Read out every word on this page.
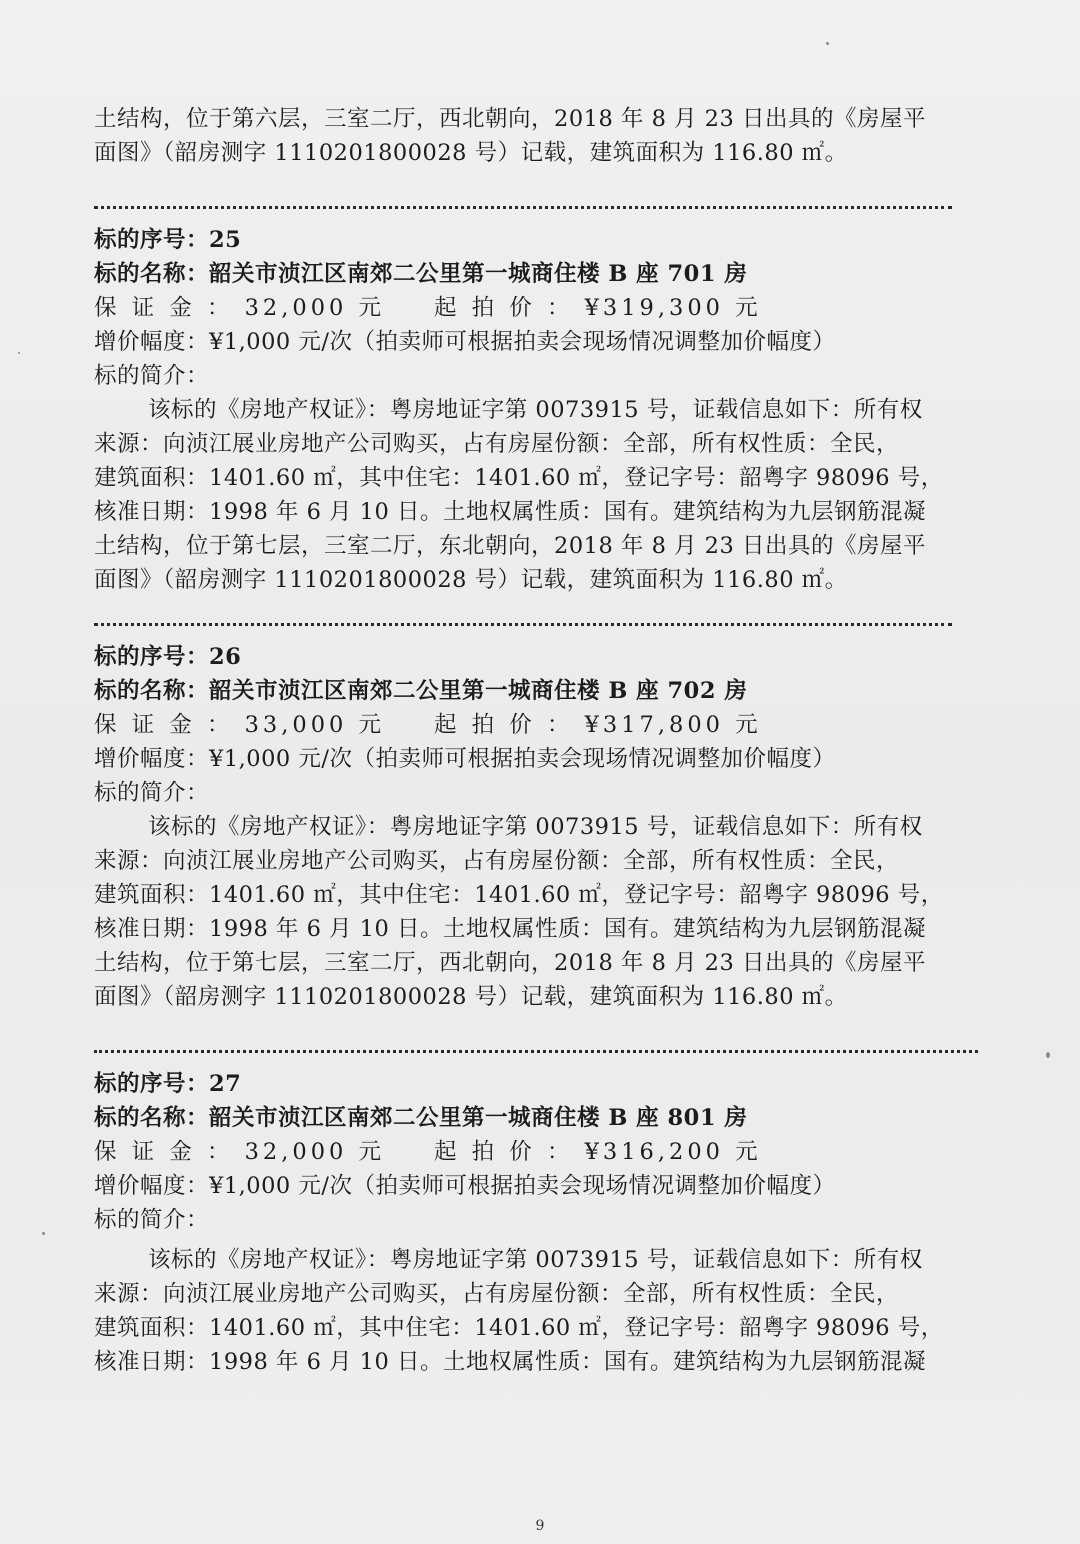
土结构，位于第六层，三室二厅，西北朝向，2018 年 8 月 23 日出具的《房屋平
面图》（韶房测字 1110201800028 号）记载，建筑面积为 116.80 ㎡。
标的序号：25
标的名称：韶关市浈江区南郊二公里第一城商住楼 B 座 701 房
保 证 金 ： 32,000 元 起 拍 价 ： ¥319,300 元
增价幅度：¥1,000 元/次（拍卖师可根据拍卖会现场情况调整加价幅度）
标的简介：
该标的《房地产权证》：粤房地证字第 0073915 号，证载信息如下：所有权
来源：向浈江展业房地产公司购买，占有房屋份额：全部，所有权性质：全民，
建筑面积：1401.60 ㎡，其中住宅：1401.60 ㎡，登记字号：韶粤字 98096 号，
核准日期：1998 年 6 月 10 日。土地权属性质：国有。建筑结构为九层钢筋混凝
土结构，位于第七层，三室二厅，东北朝向，2018 年 8 月 23 日出具的《房屋平
面图》（韶房测字 1110201800028 号）记载，建筑面积为 116.80 ㎡。
标的序号：26
标的名称：韶关市浈江区南郊二公里第一城商住楼 B 座 702 房
保 证 金 ： 33,000 元 起 拍 价 ： ¥317,800 元
增价幅度：¥1,000 元/次（拍卖师可根据拍卖会现场情况调整加价幅度）
标的简介：
该标的《房地产权证》：粤房地证字第 0073915 号，证载信息如下：所有权
来源：向浈江展业房地产公司购买，占有房屋份额：全部，所有权性质：全民，
建筑面积：1401.60 ㎡，其中住宅：1401.60 ㎡，登记字号：韶粤字 98096 号，
核准日期：1998 年 6 月 10 日。土地权属性质：国有。建筑结构为九层钢筋混凝
土结构，位于第七层，三室二厅，西北朝向，2018 年 8 月 23 日出具的《房屋平
面图》（韶房测字 1110201800028 号）记载，建筑面积为 116.80 ㎡。
标的序号：27
标的名称：韶关市浈江区南郊二公里第一城商住楼 B 座 801 房
保 证 金 ： 32,000 元 起 拍 价 ： ¥316,200 元
增价幅度：¥1,000 元/次（拍卖师可根据拍卖会现场情况调整加价幅度）
标的简介：
该标的《房地产权证》：粤房地证字第 0073915 号，证载信息如下：所有权
来源：向浈江展业房地产公司购买，占有房屋份额：全部，所有权性质：全民，
建筑面积：1401.60 ㎡，其中住宅：1401.60 ㎡，登记字号：韶粤字 98096 号，
核准日期：1998 年 6 月 10 日。土地权属性质：国有。建筑结构为九层钢筋混凝
9
